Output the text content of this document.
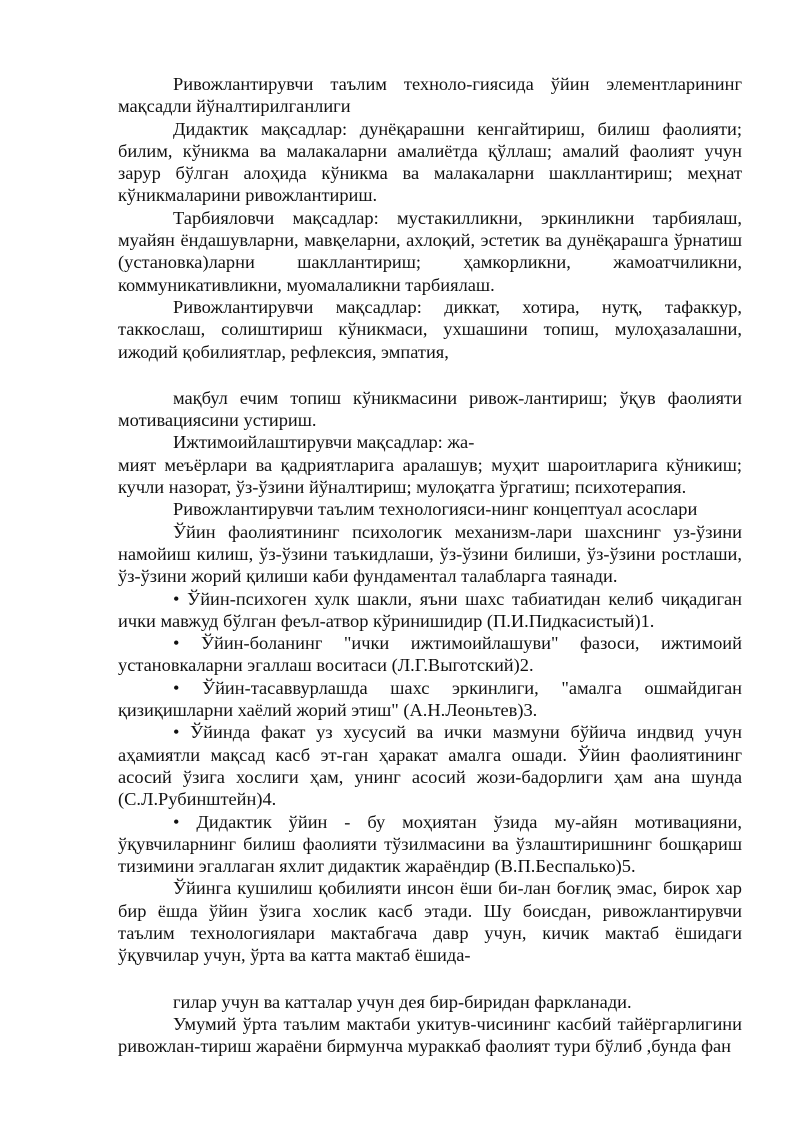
Ривожлантирувчи таълим техноло-гиясида ўйин элементларининг мақсадли йўналтирилганлиги

Дидактик мақсадлар: дунёқарашни кенгайтириш, билиш фаолияти; билим, кўникма ва малакаларни амалиётда қўллаш; амалий фаолият учун зарур бўлган алоҳида кўникма ва малакаларни шакллантириш; меҳнат кўникмаларини ривожлантириш.

Тарбияловчи мақсадлар: мустакилликни, эркинликни тарбиялаш, муайян ёндашувларни, мавқеларни, ахлоқий, эстетик ва дунёқарашга ўрнатиш (установка)ларни шакллантириш; ҳамкорликни, жамоатчиликни, коммуникативликни, муомалаликни тарбиялаш.

Ривожлантирувчи мақсадлар: диккат, хотира, нутқ, тафаккур, таккослаш, солиштириш кўникмаси, ухшашини топиш, мулоҳазалашни, ижодий қобилиятлар, рефлексия, эмпатия,

мақбул ечим топиш кўникмасини ривож-лантириш; ўқув фаолияти мотивациясини устириш.

Ижтимоийлаштирувчи мақсадлар: жа-

мият меъёрлари ва қадриятларига аралашув; муҳит шароитларига кўникиш; кучли назорат, ўз-ўзини йўналтириш; мулоқатга ўргатиш; психотерапия.

Ривожлантирувчи таълим технологияси-нинг концептуал асослари

Ўйин фаолиятининг психологик механизм-лари шахснинг уз-ўзини намойиш килиш, ўз-ўзини таъкидлаши, ўз-ўзини билиши, ўз-ўзини ростлаши, ўз-ўзини жорий қилиши каби фундаментал талабларга таянади.

• Ўйин-психоген хулк шакли, яъни шахс табиатидан келиб чиқадиган ички мавжуд бўлган феъл-атвор кўринишидир (П.И.Пидкасистый)1.

• Ўйин-боланинг "ички ижтимоийлашуви" фазоси, ижтимоий установкаларни эгаллаш воситаси (Л.Г.Выготский)2.

• Ўйин-тасаввурлашда шахс эркинлиги, "амалга ошмайдиган қизиқишларни хаёлий жорий этиш" (А.Н.Леоньтев)3.

• Ўйинда факат уз хусусий ва ички мазмуни бўйича индвид учун аҳамиятли мақсад касб эт-ган ҳаракат амалга ошади. Ўйин фаолиятининг асосий ўзига хослиги ҳам, унинг асосий жози-бадорлиги ҳам ана шунда (С.Л.Рубинштейн)4.

• Дидактик ўйин - бу моҳиятан ўзида му-айян мотивацияни, ўқувчиларнинг билиш фаолияти тўзилмасини ва ўзлаштиришнинг бошқариш тизимини эгаллаган яхлит дидактик жараёндир (В.П.Беспалько)5.

Ўйинга кушилиш қобилияти инсон ёши би-лан боғлиқ эмас, бирок хар бир ёшда ўйин ўзига хослик касб этади. Шу боисдан, ривожлантирувчи таълим технологиялари мактабгача давр учун, кичик мактаб ёшидаги ўқувчилар учун, ўрта ва катта мактаб ёшида-

гилар учун ва катталар учун дея бир-биридан фаркланади.

Умумий ўрта таълим мактаби укитув-чисининг касбий тайёргарлигини ривожлан-тириш жараёни бирмунча мураккаб фаолият тури бўлиб ,бунда фан
